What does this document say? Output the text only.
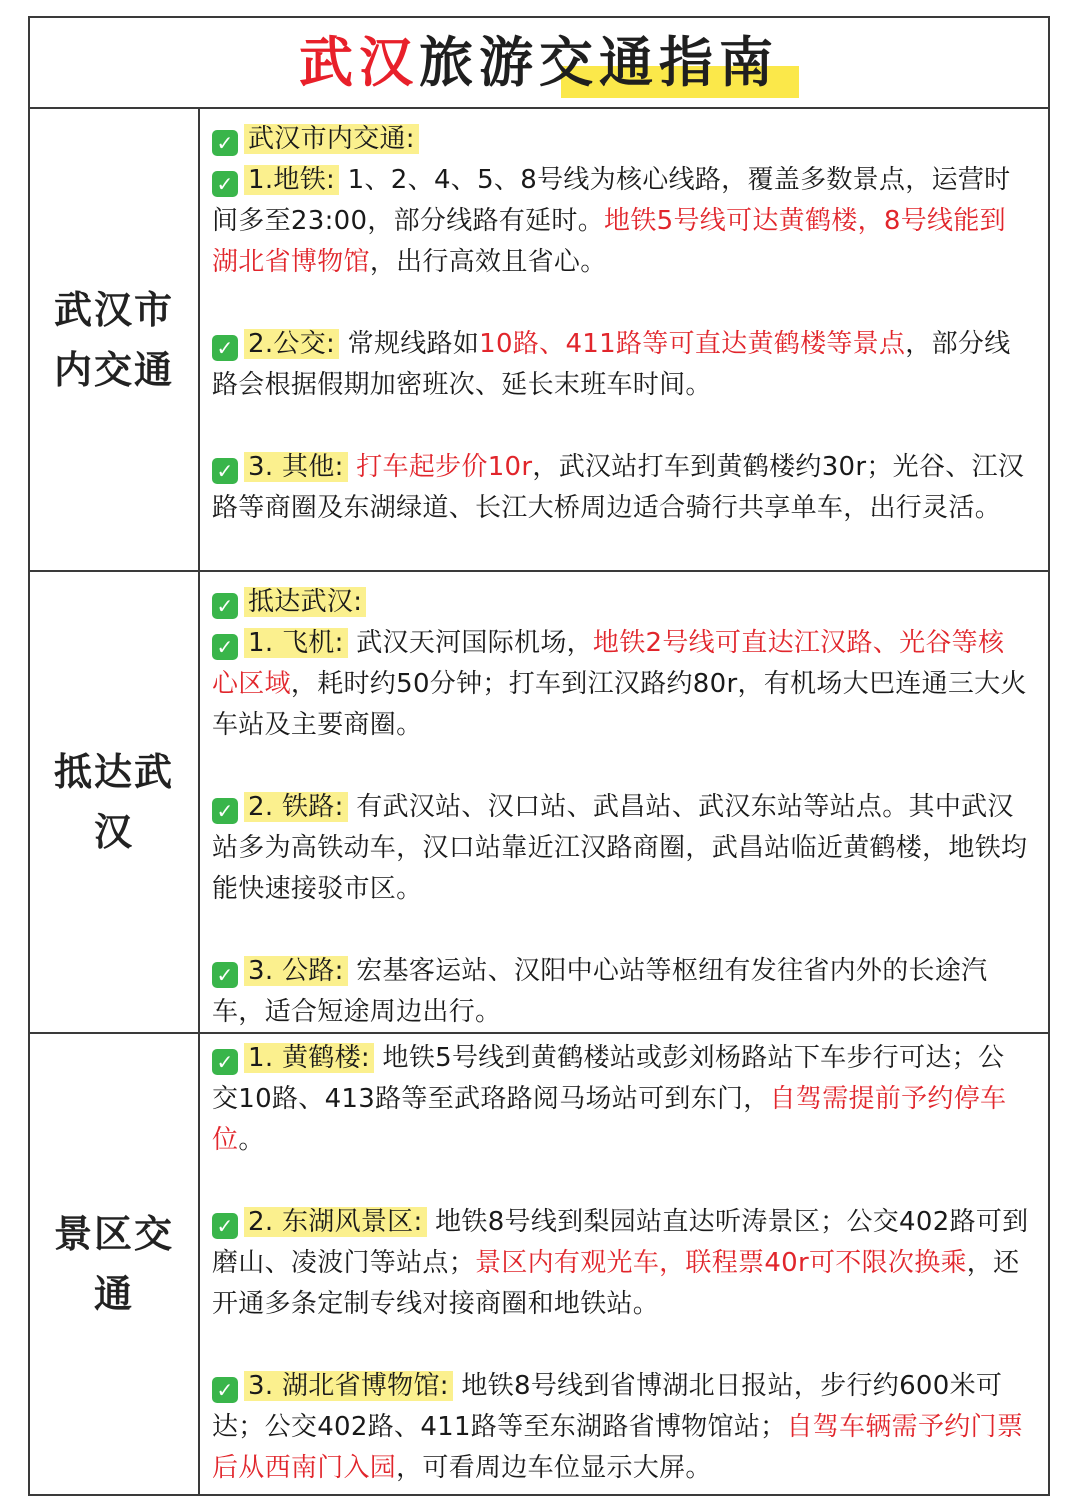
武汉旅游交通指南
武汉市内交通
✓ 武汉市内交通:
✓ 1.地铁: 1、2、4、5、8号线为核心线路，覆盖多数景点，运营时间多至23:00，部分线路有延时。地铁5号线可达黄鹤楼，8号线能到湖北省博物馆，出行高效且省心。
✓ 2.公交: 常规线路如10路、411路等可直达黄鹤楼等景点，部分线路会根据假期加密班次、延长末班车时间。
✓ 3. 其他: 打车起步价10r，武汉站打车到黄鹤楼约30r；光谷、江汉路等商圈及东湖绿道、长江大桥周边适合骑行共享单车，出行灵活。
抵达武汉
✓ 抵达武汉:
✓ 1. 飞机: 武汉天河国际机场，地铁2号线可直达江汉路、光谷等核心区域，耗时约50分钟；打车到江汉路约80r，有机场大巴连通三大火车站及主要商圈。
✓ 2. 铁路: 有武汉站、汉口站、武昌站、武汉东站等站点。其中武汉站多为高铁动车，汉口站靠近江汉路商圈，武昌站临近黄鹤楼，地铁均能快速接驳市区。
✓ 3. 公路: 宏基客运站、汉阳中心站等枢纽有发往省内外的长途汽车，适合短途周边出行。
景区交通
✓ 1. 黄鹤楼: 地铁5号线到黄鹤楼站或彭刘杨路站下车步行可达；公交10路、413路等至武珞路阅马场站可到东门，自驾需提前予约停车位。
✓ 2. 东湖风景区: 地铁8号线到梨园站直达听涛景区；公交402路可到磨山、凌波门等站点；景区内有观光车，联程票40r可不限次换乘，还开通多条定制专线对接商圈和地铁站。
✓ 3. 湖北省博物馆: 地铁8号线到省博湖北日报站，步行约600米可达；公交402路、411路等至东湖路省博物馆站；自驾车辆需予约门票后从西南门入园，可看周边车位显示大屏。
